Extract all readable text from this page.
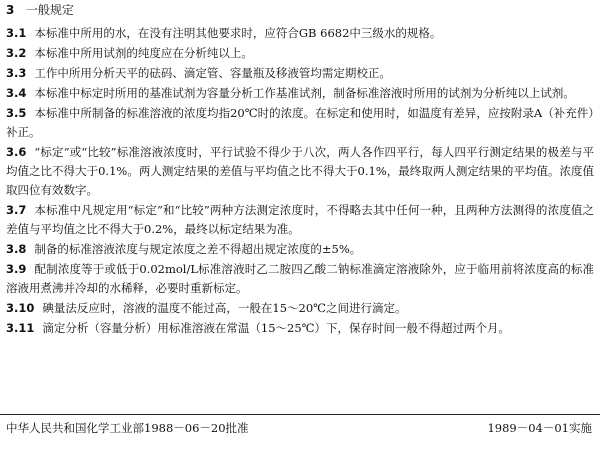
3 一般规定
3.1 本标准中所用的水，在没有注明其他要求时，应符合GB 6682中三级水的规格。
3.2 本标准中所用试剂的纯度应在分析纯以上。
3.3 工作中所用分析天平的砝码、滴定管、容量瓶及移液管均需定期校正。
3.4 本标准中标定时所用的基准试剂为容量分析工作基准试剂，制备标准溶液时所用的试剂为分析纯以上试剂。
3.5 本标准中所制备的标准溶液的浓度均指20℃时的浓度。在标定和使用时，如温度有差异，应按附录A（补充件）补正。
3.6 “标定”或“比较”标准溶液浓度时，平行试验不得少于八次，两人各作四平行，每人四平行测定结果的极差与平均值之比不得大于0.1%。两人测定结果的差值与平均值之比不得大于0.1%，最终取两人测定结果的平均值。浓度值取四位有效数字。
3.7 本标准中凡规定用“标定”和“比较”两种方法测定浓度时，不得略去其中任何一种，且两种方法测得的浓度值之差值与平均值之比不得大于0.2%，最终以标定结果为准。
3.8 制备的标准溶液浓度与规定浓度之差不得超出规定浓度的±5%。
3.9 配制浓度等于或低于0.02mol/L标准溶液时乙二胺四乙酸二钠标准滴定溶液除外，应于临用前将浓度高的标准溶液用煮沸并冷却的水稀释，必要时重新标定。
3.10 碘量法反应时，溶液的温度不能过高，一般在15～20℃之间进行滴定。
3.11 滴定分析（容量分析）用标准溶液在常温（15～25℃）下，保存时间一般不得超过两个月。
中华人民共和国化学工业部1988－06－20批准	1989－04－01实施
